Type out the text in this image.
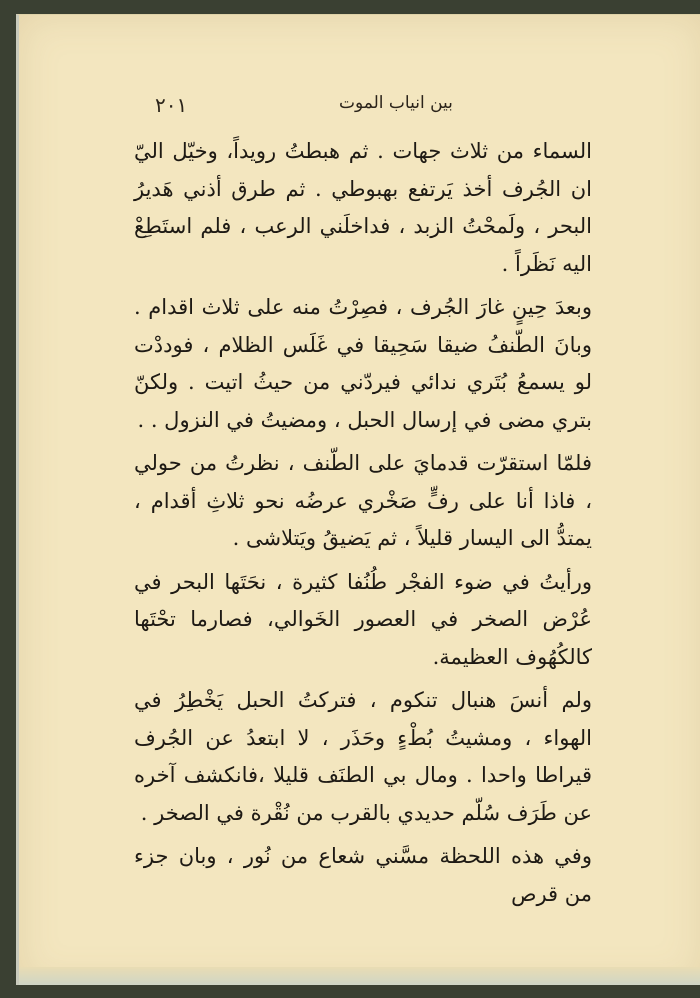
٢٠١	بين انياب الموت

السماء من ثلاث جهات . ثم هبطتُ رويداً، وخيّل اليّ ان الجُرف أخذ يَرتفع بهبوطي . ثم طرق أذني هَديرُ البحر ، ولَمحْتُ الزبد ، فداخلَني الرعب ، فلم استَطِعْ اليه نَظَراً .

وبعدَ حِينٍ غارَ الجُرف ، فصِرْتُ منه على ثلاث اقدام . وبانَ الطّنفُ ضيقا سَحِيقا في غَلَس الظلام ، فوددْت لو يسمعُ بُتَري ندائي فيردّني من حيثُ اتيت . ولكنّ بتري مضى في إرسال الحبل ، ومضيتُ في النزول . .

فلمّا استقرّت قدمايَ على الطّنف ، نظرتُ من حولي ، فاذا أنا على رفٍّ صَخْري عرضُه نحو ثلاثِ أقدام ، يمتدُّ الى اليسار قليلاً ، ثم يَضيقُ ويَتلاشى .

ورأيتُ في ضوء الفجْر طُنُفا كثيرة ، نحَتَها البحر في عُرْض الصخر في العصور الخَوالي، فصارما تحْتَها كالكُهُوف العظيمة.

ولم أنسَ هنبال تنكوم ، فتركتُ الحبل يَخْطِرُ في الهواء ، ومشيتُ بُطْءٍ وحَذَر ، لا ابتعدُ عن الجُرف قيراطا واحدا . ومال بي الطنَف قليلا ،فانكشف آخره عن طَرَف سُلّم حديدي بالقرب من نُقْرة في الصخر .

وفي هذه اللحظة مسَّني شعاع من نُور ، وبان جزء من قرص
